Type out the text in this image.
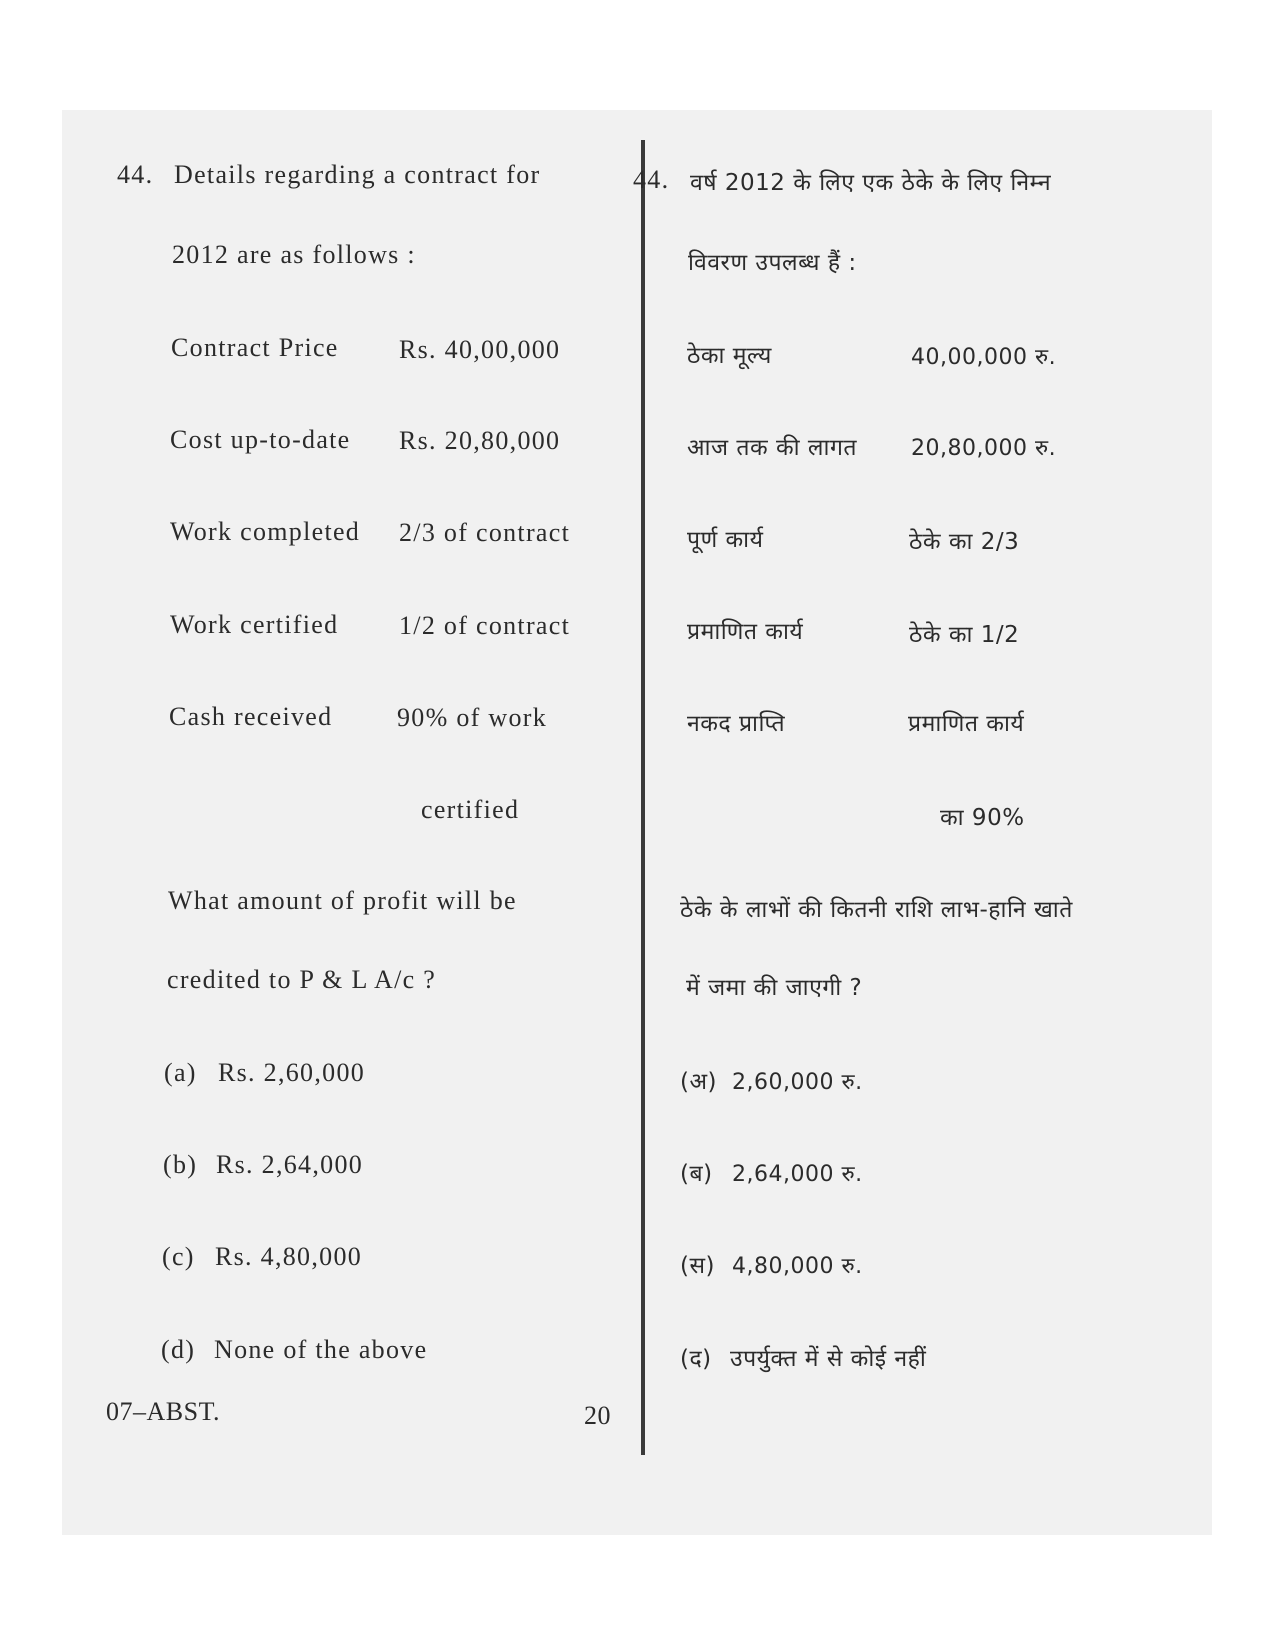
44. Details regarding a contract for
2012 are as follows :
Contract Price Rs. 40,00,000
Cost up-to-date Rs. 20,80,000
Work completed 2/3 of contract
Work certified 1/2 of contract
Cash received 90% of work
certified
What amount of profit will be
credited to P & L A/c ?
(a) Rs. 2,60,000
(b) Rs. 2,64,000
(c) Rs. 4,80,000
(d) None of the above
44. वर्ष 2012 के लिए एक ठेके के लिए निम्न
विवरण उपलब्ध हैं :
ठेका मूल्य	40,00,000 रु.
आज तक की लागत 20,80,000 रु.
पूर्ण कार्य	ठेके का 2/3
प्रमाणित कार्य	ठेके का 1/2
नकद प्राप्ति	प्रमाणित कार्य
का 90%
ठेके के लाभों की कितनी राशि लाभ-हानि खाते
में जमा की जाएगी ?
(अ) 2,60,000 रु.
(ब) 2,64,000 रु.
(स) 4,80,000 रु.
(द) उपर्युक्त में से कोई नहीं
07–ABST.	20
